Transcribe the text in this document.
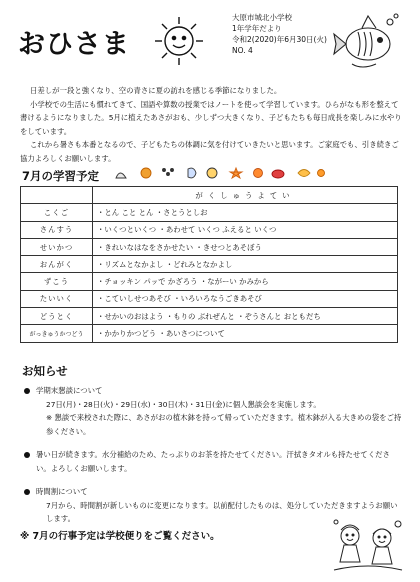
おひさま
大原市城北小学校
1年学年だより
令和2(2020)年6月30日(火)
NO. 4

日差しが一段と強くなり、空の青さに夏の訪れを感じる季節になりました。

小学校での生活にも慣れてきて、国語や算数の授業ではノートを使って学習しています。ひらがなも形を整えて書けるようになりました。5月に植えたあさがおも、少しずつ大きくなり、子どもたちも毎日成長を楽しみに水やりをしています。

これから暑さも本番となるので、子どもたちの体調に気を付けていきたいと思います。ご家庭でも、引き続きご協力よろしくお願いします。

7月の学習予定
	がくしゅうよてい
こくご	・とん こと とん ・さとうとしお
さんすう	・いくつといくつ ・あわせて いくつ ふえると いくつ
せいかつ	・きれいなはなをさかせたい ・きせつとあそぼう
おんがく	・リズムとなかよし ・どれみとなかよし
ずこう	・チョッキン パッで かざろう ・ながーい かみから
たいいく	・こていしせつあそび ・いろいろなうごきあそび
どうとく	・せかいのおはよう ・もりの ぶれぜんと ・ぞうさんと おともだち
がっきゅうかつどう	・かかりかつどう ・あいさつについて
お知らせ

学期末懇談について

27日(月)・28日(火)・29日(水)・30日(木)・31日(金)に個人懇談会を実施します。

※ 懇談で来校された際に、あさがおの植木鉢を持って帰っていただきます。植木鉢が入る大きめの袋をご持参ください。

暑い日が続きます。水分補給のため、たっぷりのお茶を持たせてください。汗拭きタオルも持たせてください。よろしくお願いします。

時間割について

7月から、時間割が新しいものに変更になります。以前配付したものは、処分していただきますようお願いします。

※ 7月の行事予定は学校便りをご覧ください。
